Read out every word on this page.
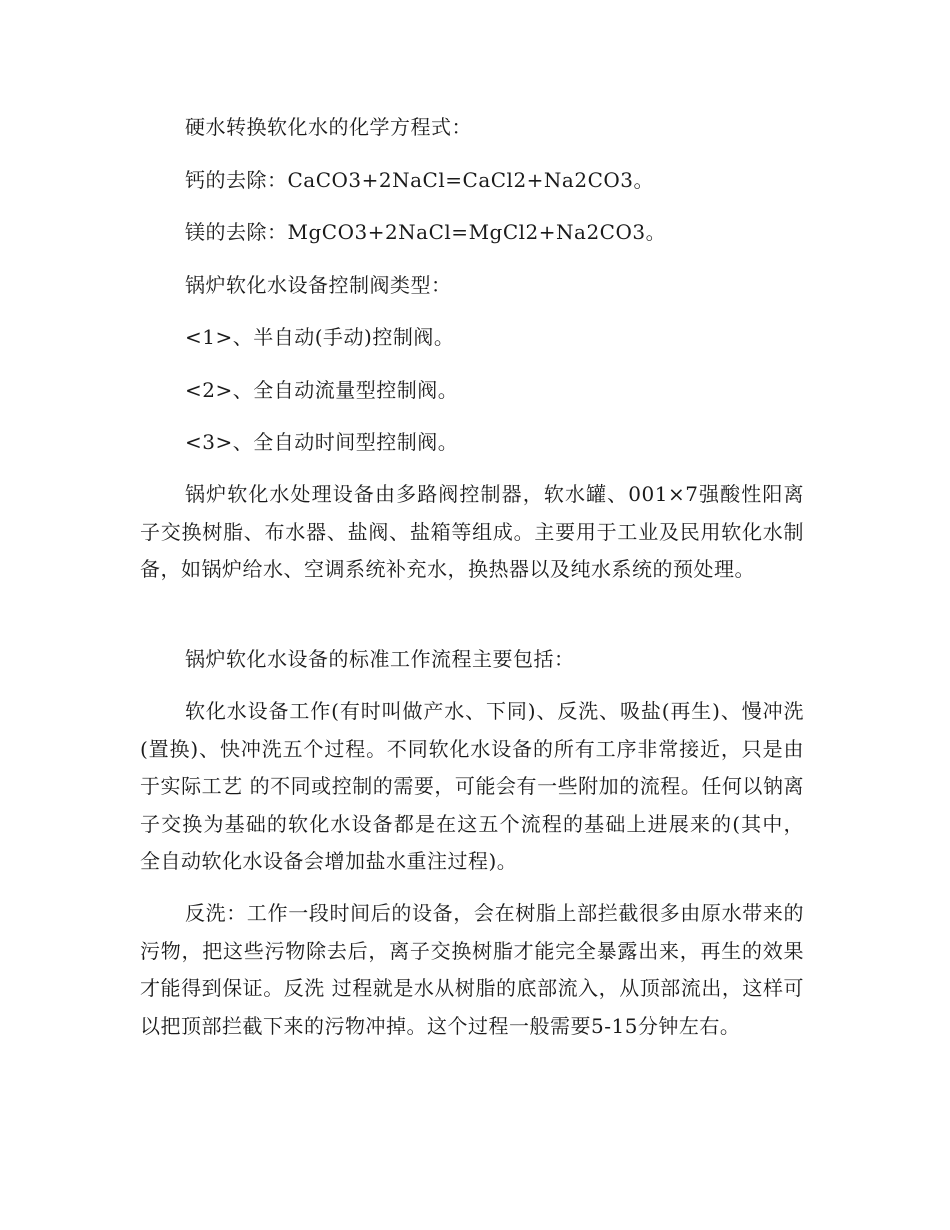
硬水转换软化水的化学方程式：

钙的去除：CaCO3+2NaCl=CaCl2+Na2CO3。

镁的去除：MgCO3+2NaCl=MgCl2+Na2CO3。

锅炉软化水设备控制阀类型：

<1>、半自动(手动)控制阀。

<2>、全自动流量型控制阀。

<3>、全自动时间型控制阀。

锅炉软化水处理设备由多路阀控制器，软水罐、001×7强酸性阳离子交换树脂、布水器、盐阀、盐箱等组成。主要用于工业及民用软化水制备，如锅炉给水、空调系统补充水，换热器以及纯水系统的预处理。

锅炉软化水设备的标准工作流程主要包括：

软化水设备工作(有时叫做产水、下同)、反洗、吸盐(再生)、慢冲洗(置换)、快冲洗五个过程。不同软化水设备的所有工序非常接近，只是由于实际工艺 的不同或控制的需要，可能会有一些附加的流程。任何以钠离子交换为基础的软化水设备都是在这五个流程的基础上进展来的(其中，全自动软化水设备会增加盐水重注过程)。

反洗：工作一段时间后的设备，会在树脂上部拦截很多由原水带来的污物，把这些污物除去后，离子交换树脂才能完全暴露出来，再生的效果才能得到保证。反洗 过程就是水从树脂的底部流入，从顶部流出，这样可以把顶部拦截下来的污物冲掉。这个过程一般需要5-15分钟左右。
